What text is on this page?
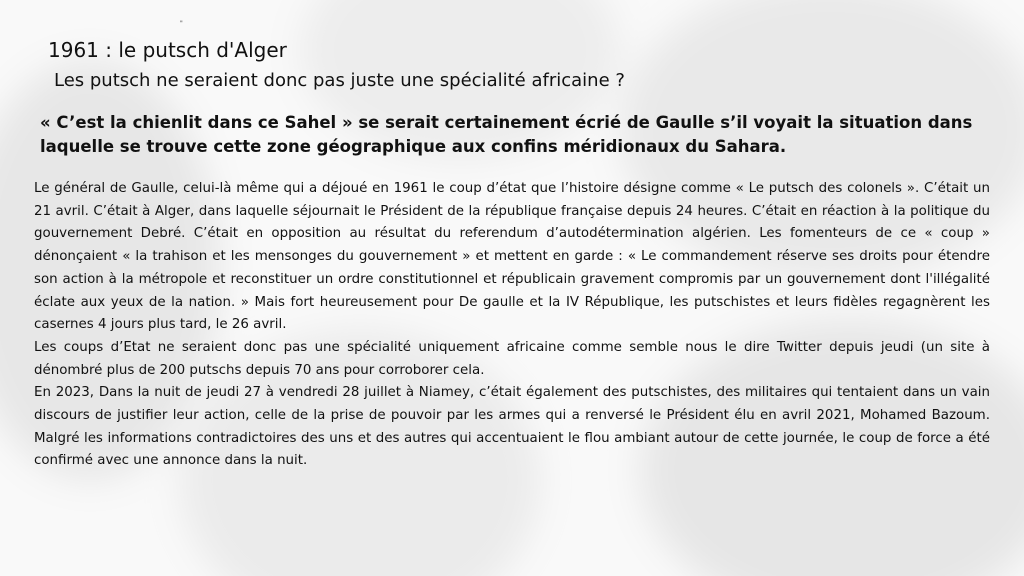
"
1961 : le putsch d'Alger
Les putsch ne seraient donc pas juste une spécialité africaine ?

« C’est la chienlit dans ce Sahel » se serait certainement écrié de Gaulle s’il voyait la situation dans laquelle se trouve cette zone géographique aux confins méridionaux du Sahara.

Le général de Gaulle, celui-là même qui a déjoué en 1961 le coup d’état que l’histoire désigne comme « Le putsch des colonels ». C’était un 21 avril. C’était à Alger, dans laquelle séjournait le Président de la république française depuis 24 heures. C’était en réaction à la politique du gouvernement Debré. C’était en opposition au résultat du referendum d’autodétermination algérien. Les fomenteurs de ce « coup » dénonçaient « la trahison et les mensonges du gouvernement » et mettent en garde : « Le commandement réserve ses droits pour étendre son action à la métropole et reconstituer un ordre constitutionnel et républicain gravement compromis par un gouvernement dont l'illégalité éclate aux yeux de la nation. » Mais fort heureusement pour De gaulle et la IV République, les putschistes et leurs fidèles regagnèrent les casernes 4 jours plus tard, le 26 avril.

Les coups d’Etat ne seraient donc pas une spécialité uniquement africaine comme semble nous le dire Twitter depuis jeudi (un site à dénombré plus de 200 putschs depuis 70 ans pour corroborer cela.

En 2023, Dans la nuit de jeudi 27 à vendredi 28 juillet à Niamey, c’était également des putschistes, des militaires qui tentaient dans un vain discours de justifier leur action, celle de la prise de pouvoir par les armes qui a renversé le Président élu en avril 2021, Mohamed Bazoum. Malgré les informations contradictoires des uns et des autres qui accentuaient le flou ambiant autour de cette journée, le coup de force a été confirmé avec une annonce dans la nuit.
